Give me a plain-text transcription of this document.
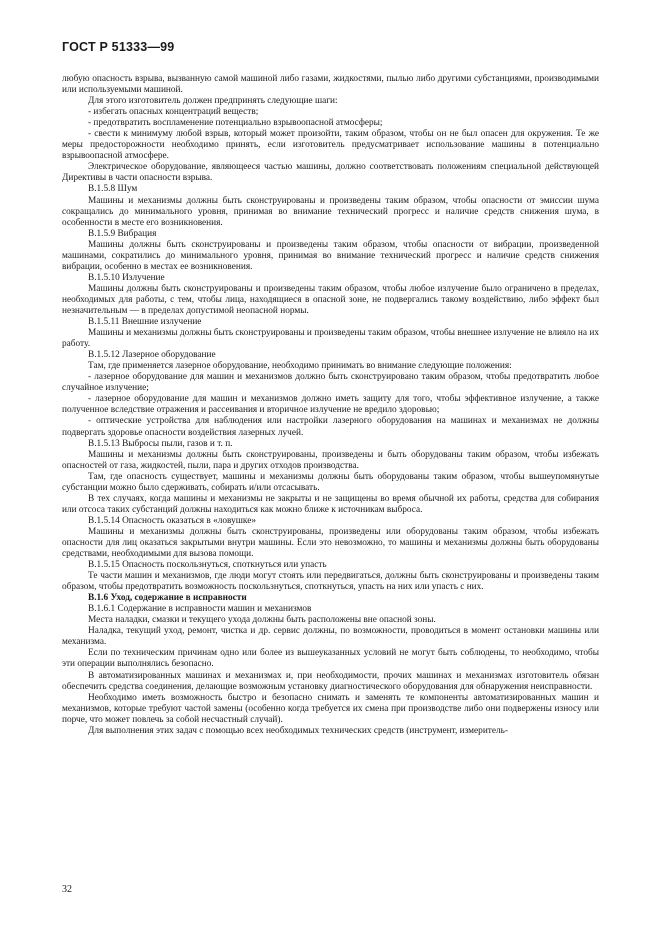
ГОСТ Р 51333—99

любую опасность взрыва, вызванную самой машиной либо газами, жидкостями, пылью либо другими субстанциями, производимыми или используемыми машиной.

Для этого изготовитель должен предпринять следующие шаги:

- избегать опасных концентраций веществ;

- предотвратить воспламенение потенциально взрывоопасной атмосферы;

- свести к минимуму любой взрыв, который может произойти, таким образом, чтобы он не был опасен для окружения. Те же меры предосторожности необходимо принять, если изготовитель предусматривает использование машины в потенциально взрывоопасной атмосфере.

Электрическое оборудование, являющееся частью машины, должно соответствовать положениям специальной действующей Директивы в части опасности взрыва.

В.1.5.8 Шум

Машины и механизмы должны быть сконструированы и произведены таким образом, чтобы опасности от эмиссии шума сокращались до минимального уровня, принимая во внимание технический прогресс и наличие средств снижения шума, в особенности в месте его возникновения.

В.1.5.9 Вибрация

Машины должны быть сконструированы и произведены таким образом, чтобы опасности от вибрации, произведенной машинами, сократились до минимального уровня, принимая во внимание технический прогресс и наличие средств снижения вибрации, особенно в местах ее возникновения.

В.1.5.10 Излучение

Машины должны быть сконструированы и произведены таким образом, чтобы любое излучение было ограничено в пределах, необходимых для работы, с тем, чтобы лица, находящиеся в опасной зоне, не подвергались такому воздействию, либо эффект был незначительным — в пределах допустимой неопасной нормы.

В.1.5.11 Внешние излучение

Машины и механизмы должны быть сконструированы и произведены таким образом, чтобы внешнее излучение не влияло на их работу.

В.1.5.12 Лазерное оборудование

Там, где применяется лазерное оборудование, необходимо принимать во внимание следующие положения:

- лазерное оборудование для машин и механизмов должно быть сконструировано таким образом, чтобы предотвратить любое случайное излучение;

- лазерное оборудование для машин и механизмов должно иметь защиту для того, чтобы эффективное излучение, а также полученное вследствие отражения и рассеивания и вторичное излучение не вредило здоровью;

- оптические устройства для наблюдения или настройки лазерного оборудования на машинах и механизмах не должны подвергать здоровье опасности воздействия лазерных лучей.

В.1.5.13 Выбросы пыли, газов и т. п.

Машины и механизмы должны быть сконструированы, произведены и быть оборудованы таким образом, чтобы избежать опасностей от газа, жидкостей, пыли, пара и других отходов производства.

Там, где опасность существует, машины и механизмы должны быть оборудованы таким образом, чтобы вышеупомянутые субстанции можно было сдерживать, собирать и/или отсасывать.

В тех случаях, когда машины и механизмы не закрыты и не защищены во время обычной их работы, средства для собирания или отсоса таких субстанций должны находиться как можно ближе к источникам выброса.

В.1.5.14 Опасность оказаться в «ловушке»

Машины и механизмы должны быть сконструированы, произведены или оборудованы таким образом, чтобы избежать опасности для лиц оказаться закрытыми внутри машины. Если это невозможно, то машины и механизмы должны быть оборудованы средствами, необходимыми для вызова помощи.

В.1.5.15 Опасность поскользнуться, споткнуться или упасть

Те части машин и механизмов, где люди могут стоять или передвигаться, должны быть сконструированы и произведены таким образом, чтобы предотвратить возможность поскользнуться, споткнуться, упасть на них или упасть с них.

В.1.6 Уход, содержание в исправности

В.1.6.1 Содержание в исправности машин и механизмов

Места наладки, смазки и текущего ухода должны быть расположены вне опасной зоны.

Наладка, текущий уход, ремонт, чистка и др. сервис должны, по возможности, проводиться в момент остановки машины или механизма.

Если по техническим причинам одно или более из вышеуказанных условий не могут быть соблюдены, то необходимо, чтобы эти операции выполнялись безопасно.

В автоматизированных машинах и механизмах и, при необходимости, прочих машинах и механизмах изготовитель обязан обеспечить средства соединения, делающие возможным установку диагностического оборудования для обнаружения неисправности.

Необходимо иметь возможность быстро и безопасно снимать и заменять те компоненты автоматизированных машин и механизмов, которые требуют частой замены (особенно когда требуется их смена при производстве либо они подвержены износу или порче, что может повлечь за собой несчастный случай).

Для выполнения этих задач с помощью всех необходимых технических средств (инструмент, измеритель-

32
